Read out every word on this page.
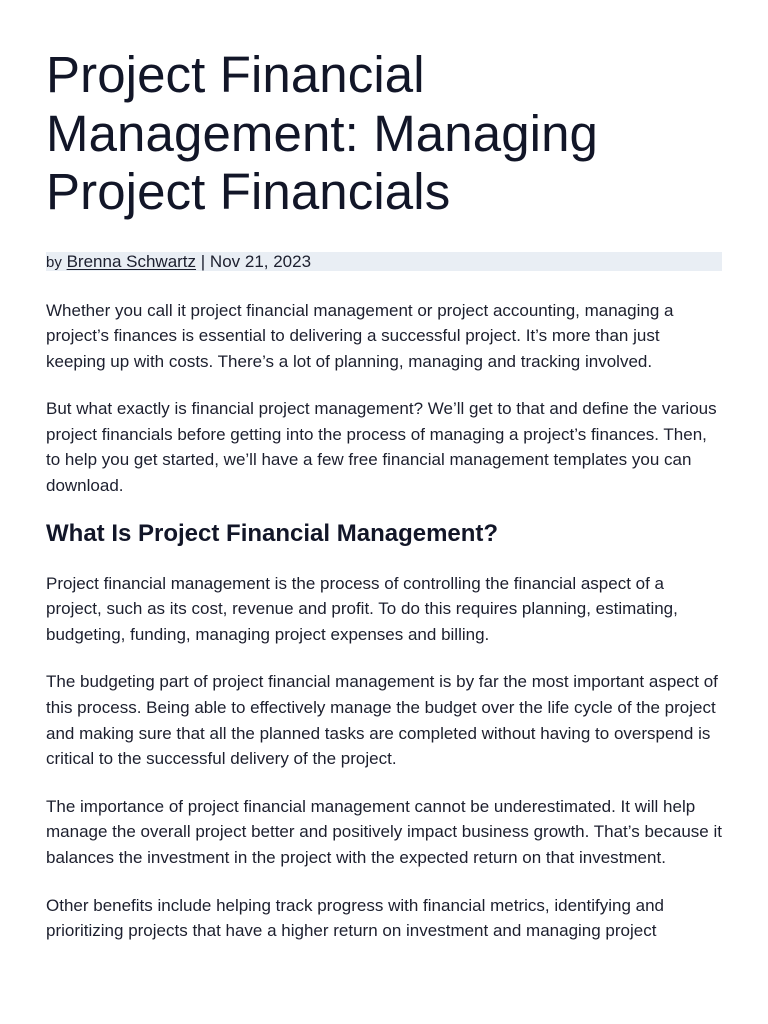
Project Financial Management: Managing Project Financials
by Brenna Schwartz | Nov 21, 2023

Whether you call it project financial management or project accounting, managing a project’s finances is essential to delivering a successful project. It’s more than just keeping up with costs. There’s a lot of planning, managing and tracking involved.

But what exactly is financial project management? We’ll get to that and define the various project financials before getting into the process of managing a project’s finances. Then, to help you get started, we’ll have a few free financial management templates you can download.

What Is Project Financial Management?

Project financial management is the process of controlling the financial aspect of a project, such as its cost, revenue and profit. To do this requires planning, estimating, budgeting, funding, managing project expenses and billing.

The budgeting part of project financial management is by far the most important aspect of this process. Being able to effectively manage the budget over the life cycle of the project and making sure that all the planned tasks are completed without having to overspend is critical to the successful delivery of the project.

The importance of project financial management cannot be underestimated. It will help manage the overall project better and positively impact business growth. That’s because it balances the investment in the project with the expected return on that investment.

Other benefits include helping track progress with financial metrics, identifying and prioritizing projects that have a higher return on investment and managing project
